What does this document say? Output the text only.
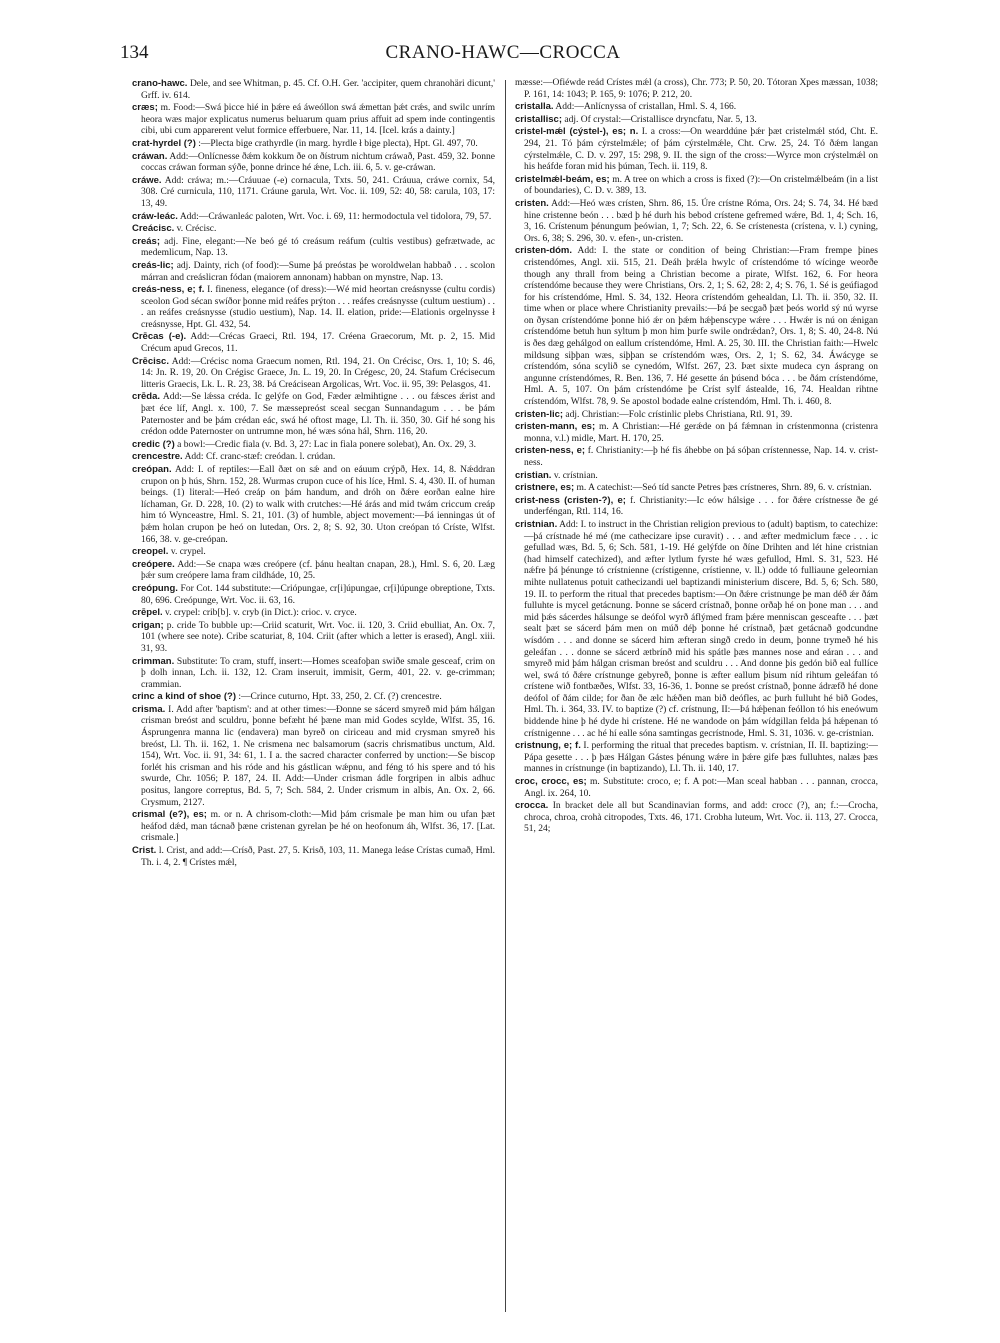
134	CRANO-HAWC—CROCCA

crano-hawc. Dele, and see Whitman, p. 45. Cf. O.H. Ger. 'accipiter, quem chranohäri dicunt,' Grff. iv. 614.

cræs; m. Food:—Swá þicce hié in þǽre eá áweóllon swá ǽmettan þǽt crǽs, and swilc unrím heora wæs major explicatus numerus beluarum quam prius affuit ad spem inde contingentis cibi, ubi cum apparerent velut formice efferbuere, Nar. 11, 14. [Icel. krás a dainty.]

crat-hyrdel (?) :—Plecta bige crathyrdle (in marg. hyrdle ł bige plecta), Hpt. Gl. 497, 70.

cráwan. Add:—Onlícnesse ðǽm kokkum ðe on ðístrum nichtum cráwað, Past. 459, 32. Þonne coccas cráwan forman sýðe, þonne drince hé ǽne, Lch. iii. 6, 5. v. ge-cráwan.

cráwe. Add: cráwa; m.:—Cráuuae (-e) cornacula, Txts. 50, 241. Cráuua, cráwe cornix, 54, 308. Cré curnicula, 110, 1171. Cráune garula, Wrt. Voc. ii. 109, 52: 40, 58: carula, 103, 17: 13, 49.

cráw-leác. Add:—Cráwanleác paloten, Wrt. Voc. i. 69, 11: hermodoctula vel tidolora, 79, 57.

Creácisc. v. Crécisc.

creás; adj. Fine, elegant:—Ne beó gé tó creásum reáfum (cultis vestibus) gefrætwade, ac medemlicum, Nap. 13.

creás-lic; adj. Dainty, rich (of food):—Sume þá preóstas þe woroldwelan habbað . . . scolon márran and creáslicran fódan (maiorem annonam) habban on mynstre, Nap. 13.

creás-ness, e; f. I. fineness, elegance (of dress):—Wé mid heortan creásnysse (cultu cordis) sceolon God sécan swíðor þonne mid reáfes prýton . . . reáfes creásnysse (cultum uestium) . . . an reáfes creásnysse (studio uestium), Nap. 14. II. elation, pride:—Elationis orgelnysse ł creásnysse, Hpt. Gl. 432, 54.

Crēcas (-e). Add:—Crécas Graeci, Rtl. 194, 17. Créena Graecorum, Mt. p. 2, 15. Mid Crécum apud Grecos, 11.

Crēcisc. Add:—Crécisc noma Graecum nomen, Rtl. 194, 21. On Crécisc, Ors. 1, 10; S. 46, 14: Jn. R. 19, 20. On Crégisc Graece, Jn. L. 19, 20. In Crégesc, 20, 24. Stafum Crécisecum litteris Graecis, Lk. L. R. 23, 38. Þá Creácisean Argolicas, Wrt. Voc. ii. 95, 39: Pelasgos, 41.

crēda. Add:—Se lǽssa créda. Ic gelýfe on God, Fæder ælmihtigne . . . ou fǽsces ǽrist and þæt éce líf, Angl. x. 100, 7. Se mæssepreóst sceal secgan Sunnandagum . . . be þám Paternoster and be þám crédan eác, swá hé oftost mage, Ll. Th. ii. 350, 30. Gif hé song his crédon odde Paternoster on untrumne mon, hé wæs sóna hál, Shrn. 116, 20.

credic (?) a bowl:—Credic fiala (v. Bd. 3, 27: Lac in fiala ponere solebat), An. Ox. 29, 3.

crencestre. Add: Cf. cranc-stæf: creódan. l. crúdan.

creópan. Add: I. of reptiles:—Eall ðæt on sǽ and on eáuum crýpð, Hex. 14, 8. Nǽddran crupon on þ hús, Shrn. 152, 28. Wurmas crupon cuce of his líce, Hml. S. 4, 430. II. of human beings. (1) literal:—Heó creáp on þám handum, and dróh on ðǽre eorðan ealne hire líchaman, Gr. D. 228, 10. (2) to walk with crutches:—Hé árás and mid twám criccum creáp him tó Wynceastre, Hml. S. 21, 101. (3) of humble, abject movement:—Þá ienningas út of þǽm holan crupon þe heó on lutedan, Ors. 2, 8; S. 92, 30. Uton creópan tó Críste, Wlfst. 166, 38. v. ge-creópan.

creopel. v. crypel.

creópere. Add:—Se cnapa wæs creópere (cf. þánu healtan cnapan, 28.), Hml. S. 6, 20. Læg þǽr sum creópere lama fram cildháde, 10, 25.

creópung. For Cot. 144 substitute:—Criópungae, cr[i]úpungae, cr[i]úpunge obreptione, Txts. 80, 696. Creópunge, Wrt. Voc. ii. 63, 16.

crēpel. v. crypel: crib[b]. v. cryb (in Dict.): crioc. v. cryce.

crigan; p. cride To bubble up:—Criid scaturit, Wrt. Voc. ii. 120, 3. Criid ebulliat, An. Ox. 7, 101 (where see note). Cribe scaturiat, 8, 104. Criit (after which a letter is erased), Angl. xiii. 31, 93.

crimman. Substitute: To cram, stuff, insert:—Homes sceafoþan swiðe smale gesceaf, crim on þ dolh innan, Lch. ii. 132, 12. Cram inseruit, immisit, Germ, 401, 22. v. ge-crimman; crammian.

crinc a kind of shoe (?) :—Crince cuturno, Hpt. 33, 250, 2. Cf. (?) crencestre.

crisma. I. Add after 'baptism': and at other times:—Ðonne se sácerd smyreð mid þám hálgan crisman breóst and sculdru, þonne befæht hé þæne man mid Godes scylde, Wlfst. 35, 16. Ásprungenra manna lic (endavera) man byreð on ciriceau and mid crysman smyreð his breóst, Ll. Th. ii. 162, 1. Ne crismena nec balsamorum (sacris chrismatibus unctum, Ald. 154), Wrt. Voc. ii. 91, 34: 61, 1. I a. the sacred character conferred by unction:—Se biscop forlét his crisman and his róde and his gástlican wǽpnu, and féng tó his spere and tó his swurde, Chr. 1056; P. 187, 24. II. Add:—Under crisman ádle forgripen in albis adhuc positus, langore correptus, Bd. 5, 7; Sch. 584, 2. Under crismum in albis, An. Ox. 2, 66. Crysmum, 2127.

crismal (e?), es; m. or n. A chrisom-cloth:—Mid þám crismale þe man him ou ufan þæt heáfod dǽd, man tácnað þæne cristenan gyrelan þe hé on heofonum áh, Wlfst. 36, 17. [Lat. crismale.]

Crist. l. Crist, and add:—Crísð, Past. 27, 5. Krisð, 103, 11. Manega leáse Crístas cumað, Hml. Th. i. 4, 2. ¶ Crístes mǽl,

mæsse:—Ofiéwde reád Crístes mǽl (a cross), Chr. 773; P. 50, 20. Tótoran Xpes mæssan, 1038; P. 161, 14: 1043; P. 165, 9: 1076; P. 212, 20.

cristalla. Add:—Anlícnyssa of cristallan, Hml. S. 4, 166.

cristallisc; adj. Of crystal:—Cristallisce dryncfatu, Nar. 5, 13.

cristel-mǽl (cýstel-), es; n. I. a cross:—On wearddúne þǽr þæt cristelmǽl stód, Cht. E. 294, 21. Tó þám cýrstelmǽle; of þám cýrstelmǽle, Cht. Crw. 25, 24. Tó ðǽm langan cýrstelmǽle, C. D. v. 297, 15: 298, 9. II. the sign of the cross:—Wyrce mon crýstelmǽl on his heáfde foran mid his þúman, Tech. ii. 119, 8.

cristelmǽl-beám, es; m. A tree on which a cross is fixed (?):—On cristelmǽlbeám (in a list of boundaries), C. D. v. 389, 13.

cristen. Add:—Heó wæs crísten, Shrn. 86, 15. Úre crístne Róma, Ors. 24; S. 74, 34. Hé bæd hine cristenne beón . . . bæd þ hé durh his bebod crístene gefremed wǽre, Bd. 1, 4; Sch. 16, 3, 16. Crístenum þénungum þeówian, 1, 7; Sch. 22, 6. Se crístenesta (crístena, v. l.) cyning, Ors. 6, 38; S. 296, 30. v. efen-, un-cristen.

cristen-dóm. Add: I. the state or condition of being Christian:—Fram frempe þines cristendómes, Angl. xii. 515, 21. Deáh þrǽla hwylc of crístendóme tó wícinge weorðe though any thrall from being a Christian become a pirate, Wlfst. 162, 6. For heora crístendóme because they were Christians, Ors. 2, 1; S. 62, 28: 2, 4; S. 76, 1. Sé is geúfiagod for his crístendóme, Hml. S. 34, 132. Heora crístendóm gehealdan, Ll. Th. ii. 350, 32. II. time when or place where Christianity prevails:—Þá þe secgað þæt þeós world sý nú wyrse on ðysan crístendóme þonne hió ǽr on þǽm hǽþenscype wǽre . . . Hwǽr is nú on ǽnigan crístendóme betuh hun syltum þ mon him þurfe swile ondrǽdan?, Ors. 1, 8; S. 40, 24-8. Nú is ðes dæg gehálgod on eallum crístendóme, Hml. A. 25, 30. III. the Christian faith:—Hwelc mildsung siþþan wæs, siþþan se crístendóm wæs, Ors. 2, 1; S. 62, 34. Áwácyge se crístendóm, sóna scylið se cynedóm, Wlfst. 267, 23. Þæt sixte mudeca cyn ásprang on angunne crístendómes, R. Ben. 136, 7. Hé gesette án þúsend bóca . . . be ðám crístendóme, Hml. A. 5, 107. On þám crístendóme þe Críst sylf ástealde, 16, 74. Healdan rihtne crístendóm, Wlfst. 78, 9. Se apostol bodade ealne crístendóm, Hml. Th. i. 460, 8.

cristen-lic; adj. Christian:—Folc crístinlic plebs Christiana, Rtl. 91, 39.

cristen-mann, es; m. A Christian:—Hé gerǽde on þá fǽmnan in crístenmonna (cristenra monna, v.l.) midle, Mart. H. 170, 25.

cristen-ness, e; f. Christianity:—þ hé fis áhebbe on þá sóþan crístennesse, Nap. 14. v. crist-ness.

cristian. v. crístnian.

cristnere, es; m. A catechist:—Seó tíd sancte Petres þæs crístneres, Shrn. 89, 6. v. crístnian.

crist-ness (cristen-?), e; f. Christianity:—Ic eów hálsige . . . for ðǽre crístnesse ðe gé underféngan, Rtl. 114, 16.

cristnian. Add: I. to instruct in the Christian religion previous to (adult) baptism, to catechize:—þá crístnade hé mé (me cathecizare ipse curavit) . . . and æfter medmiclum fæce . . . ic gefullad wæs, Bd. 5, 6; Sch. 581, 1-19. Hé gelýfde on ðíne Drihten and lét hine cristnian (had himself catechized), and æfter lytlum fyrste hé wæs gefullod, Hml. S. 31, 523. Hé nǽfre þá þénunge tó crístnienne (crístigenne, crístienne, v. ll.) odde tó fulliaune geleornian mihte nullatenus potuit cathecizandi uel baptizandi ministerium discere, Bd. 5, 6; Sch. 580, 19. II. to perform the ritual that precedes baptism:—On ðǽre cristnunge þe man déð ǽr ðám fulluhte is mycel getácnung. Þonne se sácerd crístnað, þonne orðaþ hé on þone man . . . and mid þǽs sácerdes hálsunge se deófol wyrð áflýmed fram þǽre menniscan gesceafte . . . þæt sealt þæt se sácerd þám men on múð déþ þonne hé crístnað, þæt getácnað godcundne wísdóm . . . and donne se sácerd him æfteran singð credo in deum, þonne trymeð hé his geleáfan . . . donne se sácerd ætbrínð mid his spátle þæs mannes nose and eáran . . . and smyreð mid þám hálgan crisman breóst and sculdru . . . And donne þis gedón bið eal fullíce wel, swá tó ðǽre crístnunge gebyreð, þonne is æfter eallum þisum níd rihtum geleáfan tó crístene wið fontbæðes, Wlfst. 33, 16-36, 1. Þonne se preóst crístnað, þonne ádræfð hé done deófol of ðám cilde; for ðan ðe ælc hǽðen man bið deófles, ac þurh fulluht hé bið Godes, Hml. Th. i. 364, 33. IV. to baptize (?) cf. crístnung, II:—Þá hǽþenan feóllon tó his eneówum biddende hine þ hé dyde hi crístene. Hé ne wandode on þám wídgillan felda þá hǽpenan tó crístnigenne . . . ac hé hí ealle sóna samtingas gecrístnode, Hml. S. 31, 1036. v. ge-crístnian.

cristnung, e; f. I. performing the ritual that precedes baptism. v. crístnian, II. II. baptizing:—Pápa gesette . . . þ þæs Hálgan Gástes þénung wǽre in þǽre gife þæs fulluhtes, nalæs þæs mannes in crístnunge (in baptizando), Ll. Th. ii. 140, 17.

croc, crocc, es; m. Substitute: croco, e; f. A pot:—Man sceal habban . . . pannan, crocca, Angl. ix. 264, 10.

crocca. In bracket dele all but Scandinavian forms, and add: crocc (?), an; f.:—Crocha, chroca, chroa, crohà citropodes, Txts. 46, 171. Crobha luteum, Wrt. Voc. ii. 113, 27. Crocca, 51, 24;
